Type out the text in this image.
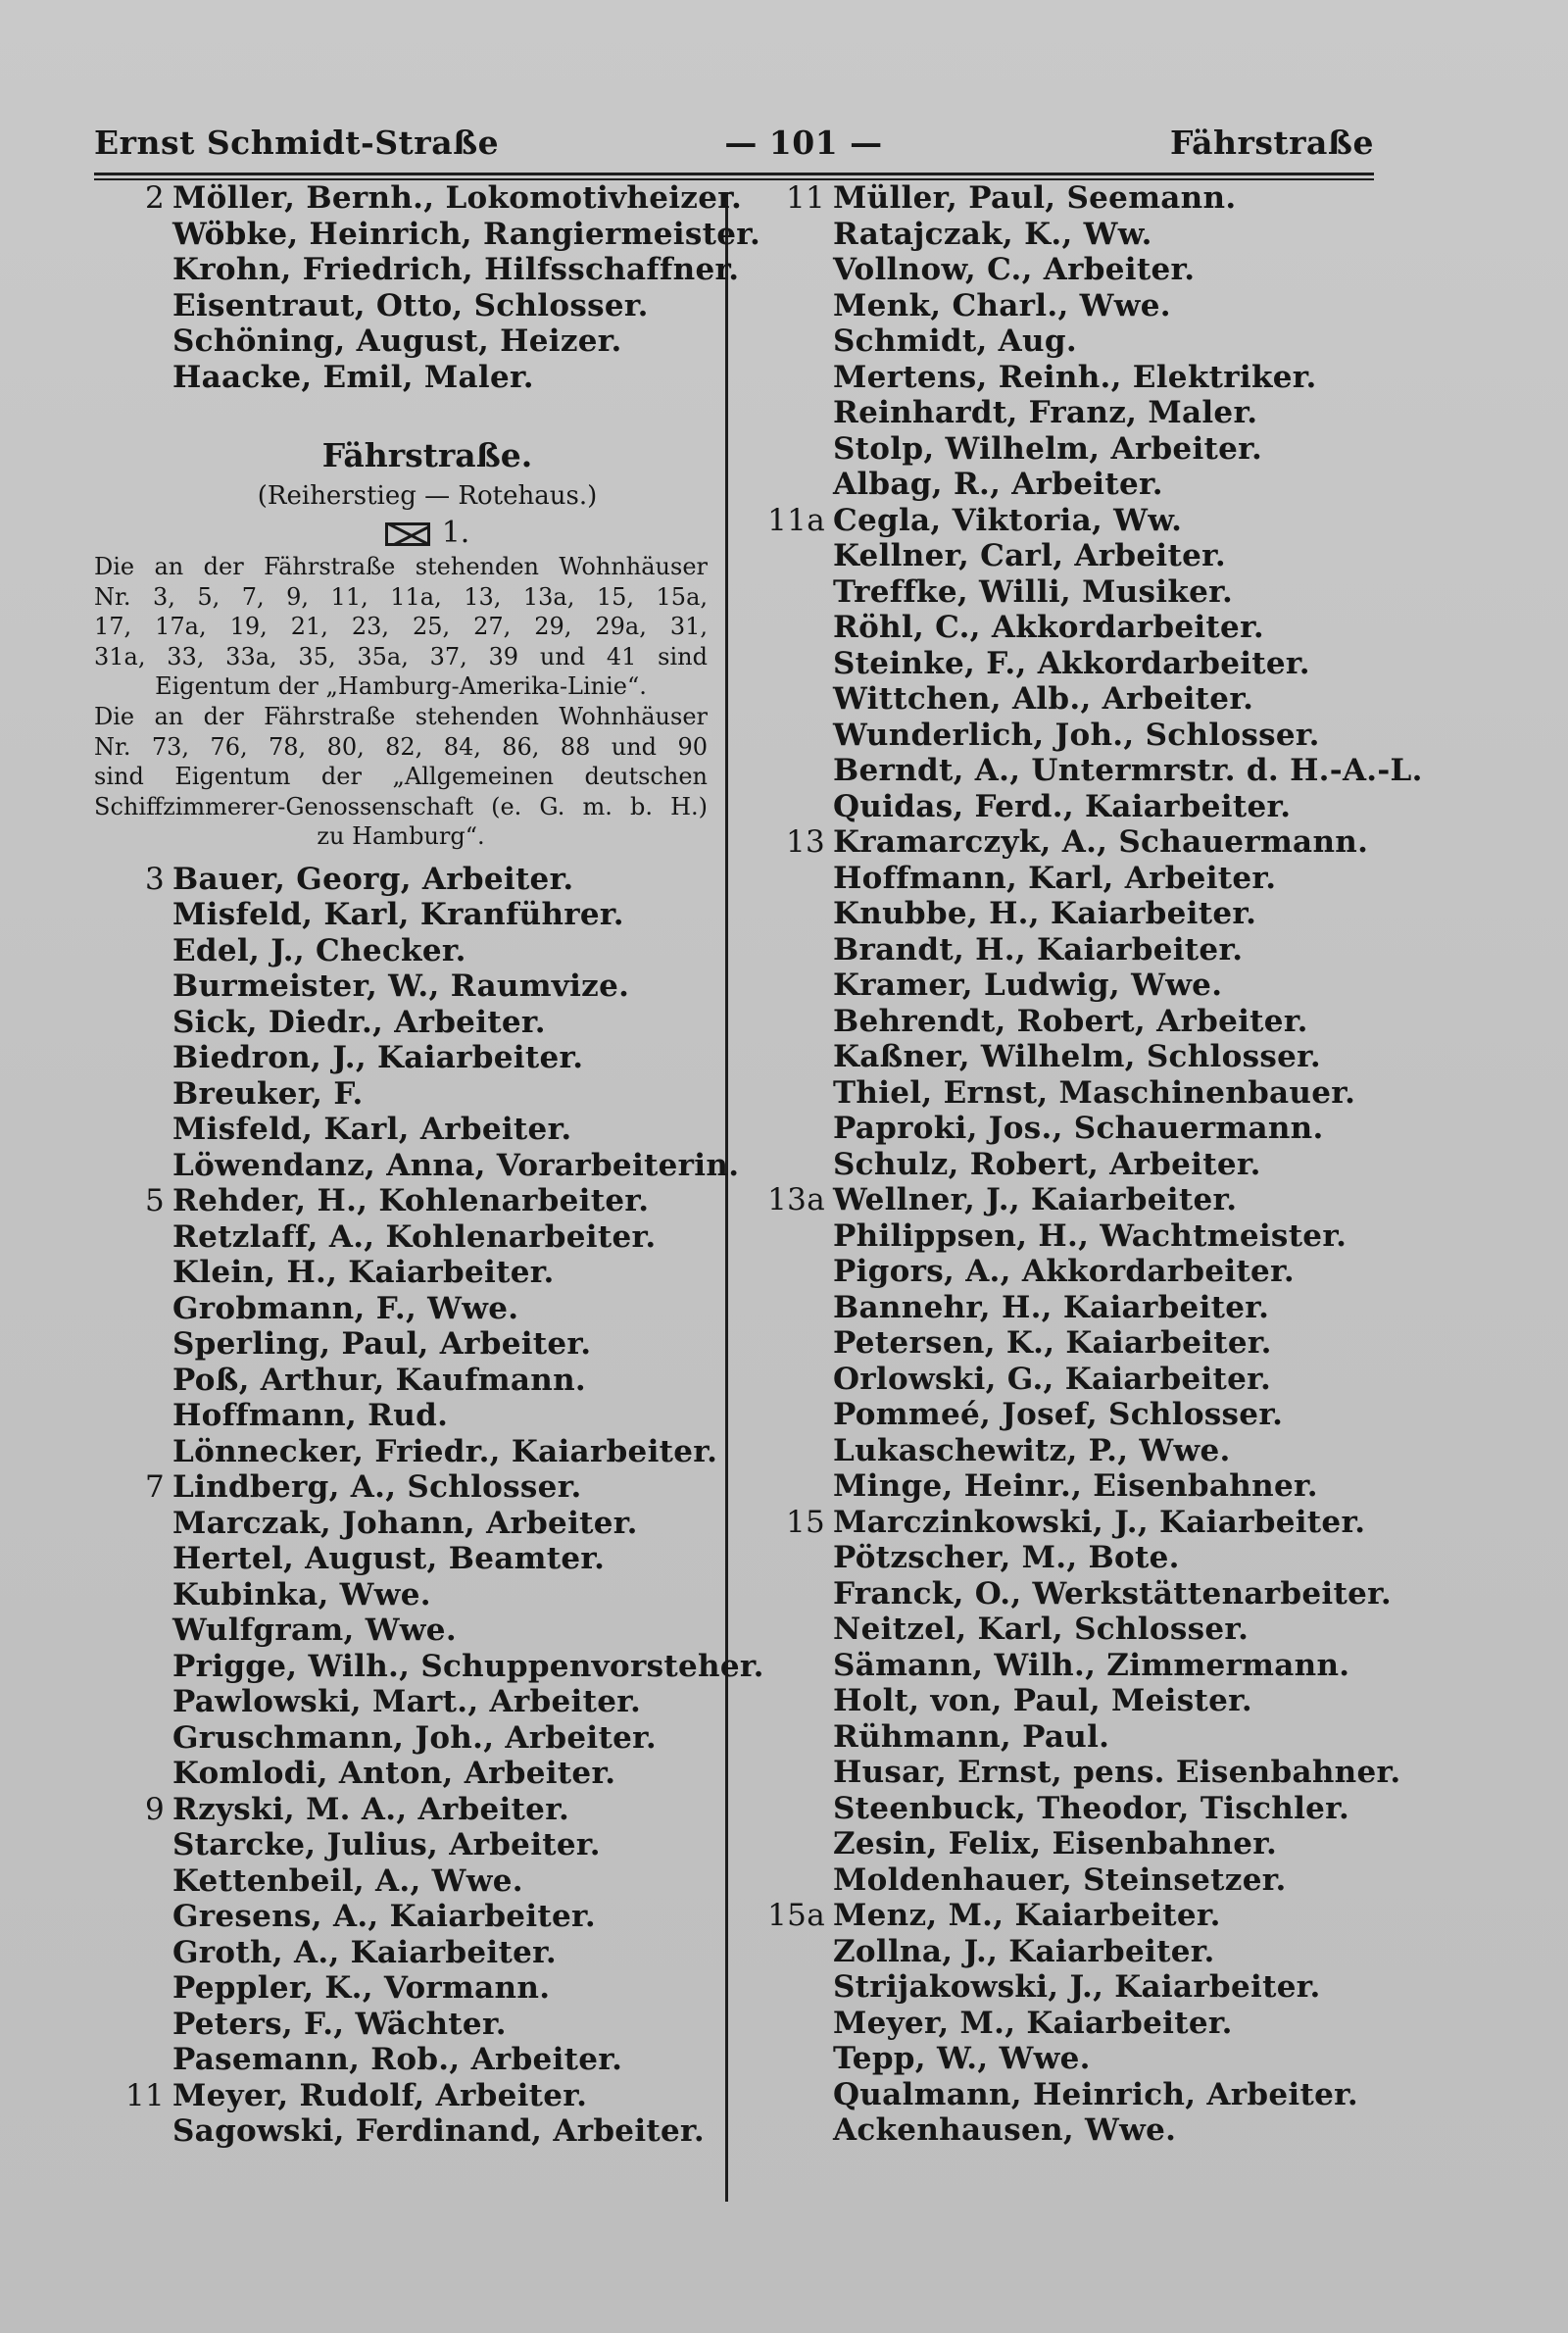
Ernst Schmidt-Straße	— 101 —	Fährstraße
2 Möller, Bernh., Lokomotivheizer.
Wöbke, Heinrich, Rangiermeister.
Krohn, Friedrich, Hilfsschaffner.
Eisentraut, Otto, Schlosser.
Schöning, August, Heizer.
Haacke, Emil, Maler.
Fährstraße.
(Reiherstieg — Rotehaus.)
1.

Die an der Fährstraße stehenden Wohnhäuser

Nr. 3, 5, 7, 9, 11, 11a, 13, 13a, 15, 15a,

17, 17a, 19, 21, 23, 25, 27, 29, 29a, 31,

31a, 33, 33a, 35, 35a, 37, 39 und 41 sind

Eigentum der „Hamburg-Amerika-Linie“.

Die an der Fährstraße stehenden Wohnhäuser

Nr. 73, 76, 78, 80, 82, 84, 86, 88 und 90

sind Eigentum der „Allgemeinen deutschen

Schiffzimmerer-Genossenschaft (e. G. m. b. H.)

zu Hamburg“.

3 Bauer, Georg, Arbeiter.
Misfeld, Karl, Kranführer.
Edel, J., Checker.
Burmeister, W., Raumvize.
Sick, Diedr., Arbeiter.
Biedron, J., Kaiarbeiter.
Breuker, F.
Misfeld, Karl, Arbeiter.
Löwendanz, Anna, Vorarbeiterin.
5 Rehder, H., Kohlenarbeiter.
Retzlaff, A., Kohlenarbeiter.
Klein, H., Kaiarbeiter.
Grobmann, F., Wwe.
Sperling, Paul, Arbeiter.
Poß, Arthur, Kaufmann.
Hoffmann, Rud.
Lönnecker, Friedr., Kaiarbeiter.
7 Lindberg, A., Schlosser.
Marczak, Johann, Arbeiter.
Hertel, August, Beamter.
Kubinka, Wwe.
Wulfgram, Wwe.
Prigge, Wilh., Schuppenvorsteher.
Pawlowski, Mart., Arbeiter.
Gruschmann, Joh., Arbeiter.
Komlodi, Anton, Arbeiter.
9 Rzyski, M. A., Arbeiter.
Starcke, Julius, Arbeiter.
Kettenbeil, A., Wwe.
Gresens, A., Kaiarbeiter.
Groth, A., Kaiarbeiter.
Peppler, K., Vormann.
Peters, F., Wächter.
Pasemann, Rob., Arbeiter.
11 Meyer, Rudolf, Arbeiter.
Sagowski, Ferdinand, Arbeiter.
11 Müller, Paul, Seemann.
Ratajczak, K., Ww.
Vollnow, C., Arbeiter.
Menk, Charl., Wwe.
Schmidt, Aug.
Mertens, Reinh., Elektriker.
Reinhardt, Franz, Maler.
Stolp, Wilhelm, Arbeiter.
Albag, R., Arbeiter.
11a Cegla, Viktoria, Ww.
Kellner, Carl, Arbeiter.
Treffke, Willi, Musiker.
Röhl, C., Akkordarbeiter.
Steinke, F., Akkordarbeiter.
Wittchen, Alb., Arbeiter.
Wunderlich, Joh., Schlosser.
Berndt, A., Untermrstr. d. H.-A.-L.
Quidas, Ferd., Kaiarbeiter.
13 Kramarczyk, A., Schauermann.
Hoffmann, Karl, Arbeiter.
Knubbe, H., Kaiarbeiter.
Brandt, H., Kaiarbeiter.
Kramer, Ludwig, Wwe.
Behrendt, Robert, Arbeiter.
Kaßner, Wilhelm, Schlosser.
Thiel, Ernst, Maschinenbauer.
Paproki, Jos., Schauermann.
Schulz, Robert, Arbeiter.
13a Wellner, J., Kaiarbeiter.
Philippsen, H., Wachtmeister.
Pigors, A., Akkordarbeiter.
Bannehr, H., Kaiarbeiter.
Petersen, K., Kaiarbeiter.
Orlowski, G., Kaiarbeiter.
Pommeé, Josef, Schlosser.
Lukaschewitz, P., Wwe.
Minge, Heinr., Eisenbahner.
15 Marczinkowski, J., Kaiarbeiter.
Pötzscher, M., Bote.
Franck, O., Werkstättenarbeiter.
Neitzel, Karl, Schlosser.
Sämann, Wilh., Zimmermann.
Holt, von, Paul, Meister.
Rühmann, Paul.
Husar, Ernst, pens. Eisenbahner.
Steenbuck, Theodor, Tischler.
Zesin, Felix, Eisenbahner.
Moldenhauer, Steinsetzer.
15a Menz, M., Kaiarbeiter.
Zollna, J., Kaiarbeiter.
Strijakowski, J., Kaiarbeiter.
Meyer, M., Kaiarbeiter.
Tepp, W., Wwe.
Qualmann, Heinrich, Arbeiter.
Ackenhausen, Wwe.
